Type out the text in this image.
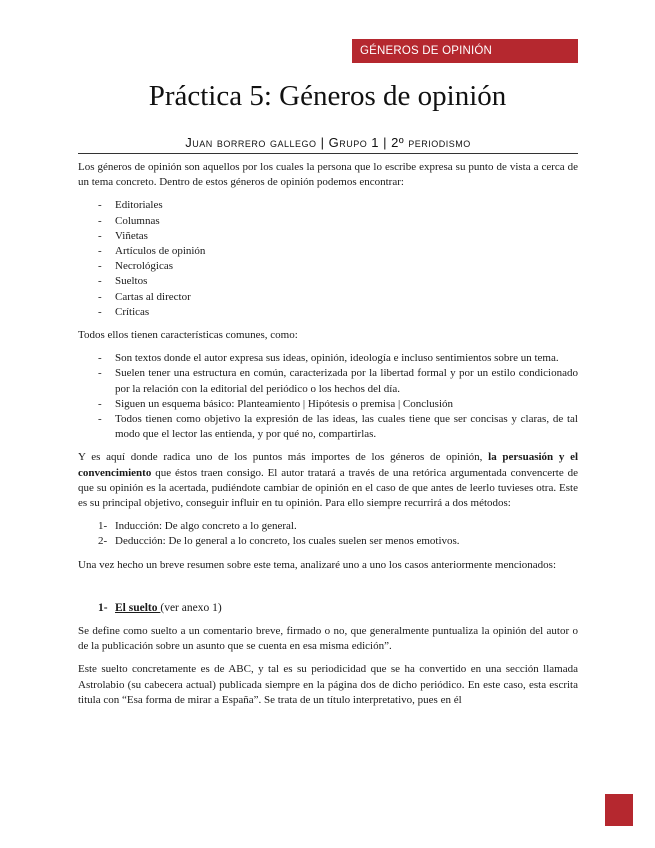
GÉNEROS DE OPINIÓN
Práctica 5: Géneros de opinión
Juan borrero gallego | Grupo 1 | 2º periodismo

Los géneros de opinión son aquellos por los cuales la persona que lo escribe expresa su punto de vista a cerca de un tema concreto. Dentro de estos géneros de opinión podemos encontrar:

- Editoriales
- Columnas
- Viñetas
- Artículos de opinión
- Necrológicas
- Sueltos
- Cartas al director
- Críticas

Todos ellos tienen características comunes, como:

- Son textos donde el autor expresa sus ideas, opinión, ideología e incluso sentimientos sobre un tema.
- Suelen tener una estructura en común, caracterizada por la libertad formal y por un estilo condicionado por la relación con la editorial del periódico o los hechos del día.
- Siguen un esquema básico: Planteamiento | Hipótesis o premisa | Conclusión
- Todos tienen como objetivo la expresión de las ideas, las cuales tiene que ser concisas y claras, de tal modo que el lector las entienda, y por qué no, compartirlas.

Y es aquí donde radica uno de los puntos más importes de los géneros de opinión, la persuasión y el convencimiento que éstos traen consigo. El autor tratará a través de una retórica argumentada convencerte de que su opinión es la acertada, pudiéndote cambiar de opinión en el caso de que antes de leerlo tuvieses otra. Este es su principal objetivo, conseguir influir en tu opinión. Para ello siempre recurrirá a dos métodos:

1- Inducción: De algo concreto a lo general.
2- Deducción: De lo general a lo concreto, los cuales suelen ser menos emotivos.

Una vez hecho un breve resumen sobre este tema, analizaré uno a uno los casos anteriormente mencionados:

1- El suelto (ver anexo 1)

Se define como suelto a un comentario breve, firmado o no, que generalmente puntualiza la opinión del autor o de la publicación sobre un asunto que se cuenta en esa misma edición”.

Este suelto concretamente es de ABC, y tal es su periodicidad que se ha convertido en una sección llamada Astrolabio (su cabecera actual) publicada siempre en la página dos de dicho periódico. En este caso, esta escrita titula con “Esa forma de mirar a España”. Se trata de un título interpretativo, pues en él
